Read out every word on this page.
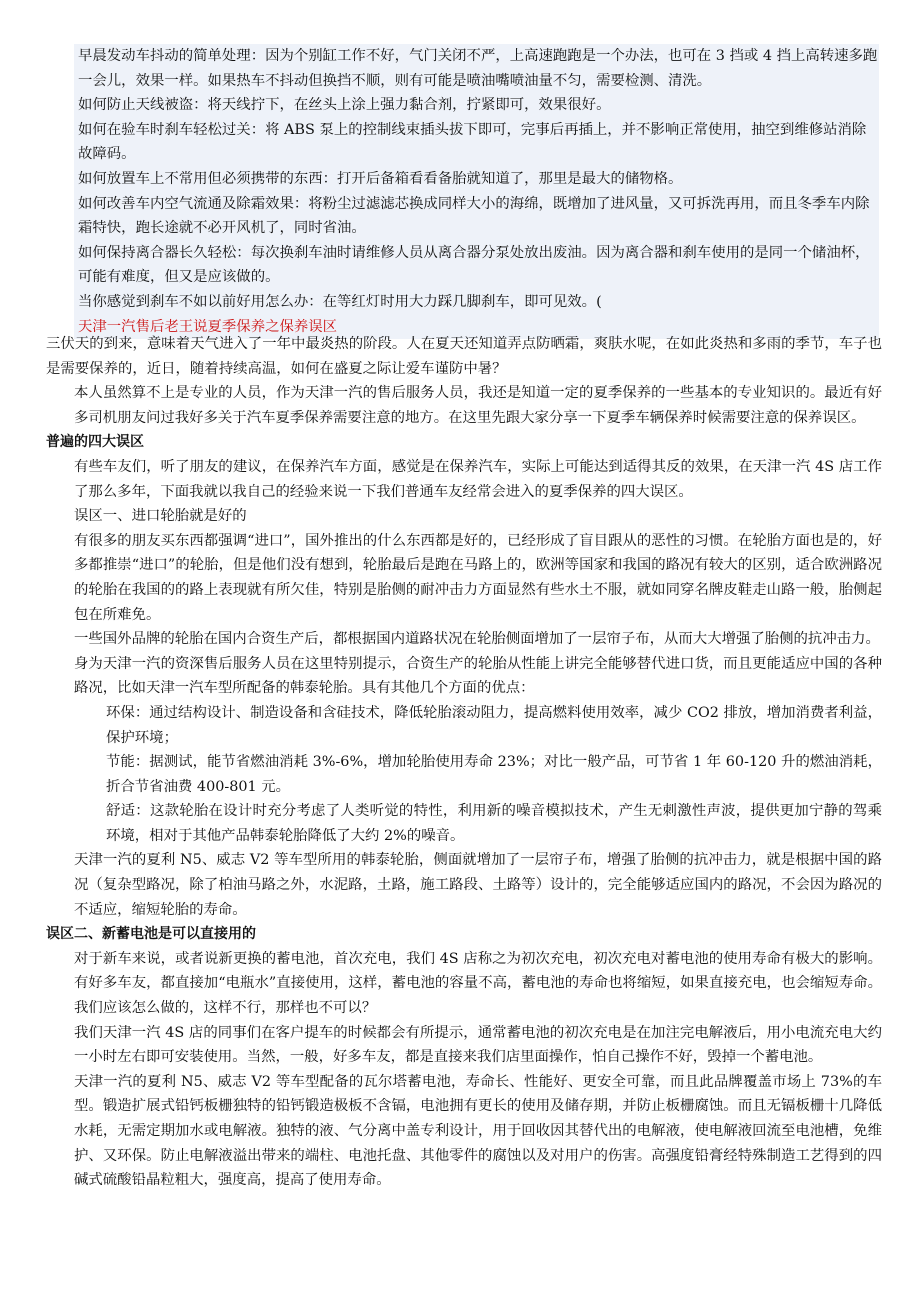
早晨发动车抖动的简单处理：因为个别缸工作不好，气门关闭不严，上高速跑跑是一个办法，也可在 3 挡或 4 挡上高转速多跑一会儿，效果一样。如果热车不抖动但换挡不顺，则有可能是喷油嘴喷油量不匀，需要检测、清洗。

如何防止天线被盗：将天线拧下，在丝头上涂上强力黏合剂，拧紧即可，效果很好。

如何在验车时刹车轻松过关：将 ABS 泵上的控制线束插头拔下即可，完事后再插上，并不影响正常使用，抽空到维修站消除故障码。

如何放置车上不常用但必须携带的东西：打开后备箱看看备胎就知道了，那里是最大的储物格。

如何改善车内空气流通及除霜效果：将粉尘过滤滤芯换成同样大小的海绵，既增加了进风量，又可拆洗再用，而且冬季车内除霜特快，跑长途就不必开风机了，同时省油。

如何保持离合器长久轻松：每次换刹车油时请维修人员从离合器分泵处放出废油。因为离合器和刹车使用的是同一个储油杯，可能有难度，但又是应该做的。

当你感觉到刹车不如以前好用怎么办：在等红灯时用大力踩几脚刹车，即可见效。(

天津一汽售后老王说夏季保养之保养误区

三伏天的到来，意味着天气进入了一年中最炎热的阶段。人在夏天还知道弄点防晒霜，爽肤水呢，在如此炎热和多雨的季节，车子也是需要保养的，近日，随着持续高温，如何在盛夏之际让爱车谨防中暑？

本人虽然算不上是专业的人员，作为天津一汽的售后服务人员，我还是知道一定的夏季保养的一些基本的专业知识的。最近有好多司机朋友问过我好多关于汽车夏季保养需要注意的地方。在这里先跟大家分享一下夏季车辆保养时候需要注意的保养误区。

普遍的四大误区

有些车友们，听了朋友的建议，在保养汽车方面，感觉是在保养汽车，实际上可能达到适得其反的效果，在天津一汽 4S 店工作了那么多年，下面我就以我自己的经验来说一下我们普通车友经常会进入的夏季保养的四大误区。

误区一、进口轮胎就是好的

有很多的朋友买东西都强调“进口”，国外推出的什么东西都是好的，已经形成了盲目跟从的恶性的习惯。在轮胎方面也是的，好多都推崇“进口”的轮胎，但是他们没有想到，轮胎最后是跑在马路上的，欧洲等国家和我国的路况有较大的区别，适合欧洲路况的轮胎在我国的的路上表现就有所欠佳，特别是胎侧的耐冲击力方面显然有些水土不服，就如同穿名牌皮鞋走山路一般，胎侧起包在所难免。

一些国外品牌的轮胎在国内合资生产后，都根据国内道路状况在轮胎侧面增加了一层帘子布，从而大大增强了胎侧的抗冲击力。

身为天津一汽的资深售后服务人员在这里特别提示，合资生产的轮胎从性能上讲完全能够替代进口货，而且更能适应中国的各种路况，比如天津一汽车型所配备的韩泰轮胎。具有其他几个方面的优点：

环保：通过结构设计、制造设备和含硅技术，降低轮胎滚动阻力，提高燃料使用效率，减少 CO2 排放，增加消费者利益，保护环境；

节能：据测试，能节省燃油消耗 3%-6%，增加轮胎使用寿命 23%；对比一般产品，可节省 1 年 60-120 升的燃油消耗，折合节省油费 400-801 元。

舒适：这款轮胎在设计时充分考虑了人类听觉的特性，利用新的噪音模拟技术，产生无刺激性声波，提供更加宁静的驾乘环境，相对于其他产品韩泰轮胎降低了大约 2%的噪音。

天津一汽的夏利 N5、威志 V2 等车型所用的韩泰轮胎，侧面就增加了一层帘子布，增强了胎侧的抗冲击力，就是根据中国的路况（复杂型路况，除了柏油马路之外，水泥路，土路，施工路段、土路等）设计的，完全能够适应国内的路况，不会因为路况的不适应，缩短轮胎的寿命。

误区二、新蓄电池是可以直接用的

对于新车来说，或者说新更换的蓄电池，首次充电，我们 4S 店称之为初次充电，初次充电对蓄电池的使用寿命有极大的影响。有好多车友，都直接加“电瓶水”直接使用，这样，蓄电池的容量不高，蓄电池的寿命也将缩短，如果直接充电，也会缩短寿命。我们应该怎么做的，这样不行，那样也不可以？

我们天津一汽 4S 店的同事们在客户提车的时候都会有所提示，通常蓄电池的初次充电是在加注完电解液后，用小电流充电大约一小时左右即可安装使用。当然，一般，好多车友，都是直接来我们店里面操作，怕自己操作不好，毁掉一个蓄电池。

天津一汽的夏利 N5、威志 V2 等车型配备的瓦尔塔蓄电池，寿命长、性能好、更安全可靠，而且此品牌覆盖市场上 73%的车型。锻造扩展式铅钙板栅独特的铅钙锻造极板不含镉，电池拥有更长的使用及储存期，并防止板栅腐蚀。而且无镉板栅十几降低水耗，无需定期加水或电解液。独特的液、气分离中盖专利设计，用于回收因其替代出的电解液，使电解液回流至电池槽，免维护、又环保。防止电解液溢出带来的端柱、电池托盘、其他零件的腐蚀以及对用户的伤害。高强度铅膏经特殊制造工艺得到的四碱式硫酸铅晶粒粗大，强度高，提高了使用寿命。
